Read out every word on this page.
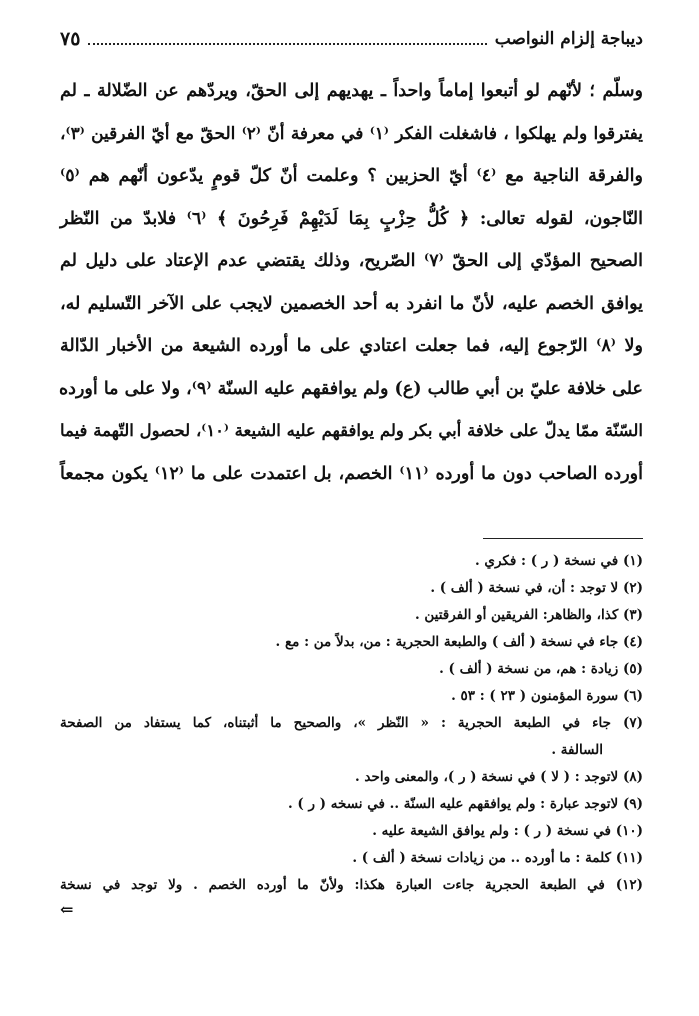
ديباجة إلزام النواصب
٧٥
وسلّم ؛ لأنّهم لو أتبعوا إماماً واحداً ـ يهديهم إلى الحقّ، ويردّهم عن الضّلالة ـ لم
يفترقوا ولم يهلكوا ، فاشغلت الفكر ⁽١⁾ في معرفة أنّ ⁽٢⁾ الحقّ مع أيّ الفرقين ⁽٣⁾،
والفرقة الناجية مع ⁽٤⁾ أيّ الحزبين ؟ وعلمت أنّ كلّ قومٍ يدّعون أنّهم هم ⁽٥⁾
النّاجون، لقوله تعالى: ﴿ كُلُّ حِزْبٍ بِمَا لَدَيْهِمْ فَرِحُونَ ﴾ ⁽٦⁾ فلابدّ من النّظر
الصحيح المؤدّي إلى الحقّ ⁽٧⁾ الصّريح، وذلك يقتضي عدم الإعتاد على دليل لم
يوافق الخصم عليه، لأنّ ما انفرد به أحد الخصمين لايجب على الآخر التّسليم له،
ولا ⁽٨⁾ الرّجوع إليه، فما جعلت اعتادي على ما أورده الشيعة من الأخبار الدّالة
على خلافة عليّ بن أبي طالب (ع) ولم يوافقهم عليه السنّة ⁽٩⁾، ولا على ما أورده
السّنّة ممّا يدلّ على خلافة أبي بكر ولم يوافقهم عليه الشيعة ⁽١٠⁾، لحصول التّهمة فيما
أورده الصاحب دون ما أورده ⁽١١⁾ الخصم، بل اعتمدت على ما ⁽١٢⁾ يكون مجمعاً
(١) في نسخة ( ر ) : فكري .
(٢) لا توجد : أن، في نسخة ( ألف ) .
(٣) كذا، والظاهر: الفريقين أو الفرقتين .
(٤) جاء في نسخة ( ألف ) والطبعة الحجرية : من، بدلاً من : مع .
(٥) زيادة : هم، من نسخة ( ألف ) .
(٦) سورة المؤمنون ( ٢٣ ) : ٥٣ .
(٧) جاء في الطبعة الحجرية : « النّظر »، والصحيح ما أثبتناه، كما يستفاد من الصفحة
السالفة .
(٨) لاتوجد : ( لا ) في نسخة ( ر )، والمعنى واحد .
(٩) لاتوجد عبارة : ولم يوافقهم عليه السنّة .. في نسخه ( ر ) .
(١٠) في نسخة ( ر ) : ولم يوافق الشيعة عليه .
(١١) كلمة : ما أورده .. من زيادات نسخة ( ألف ) .
(١٢) في الطبعة الحجرية جاءت العبارة هكذا: ولأنّ ما أورده الخصم . ولا توجد في نسخة
⇐
